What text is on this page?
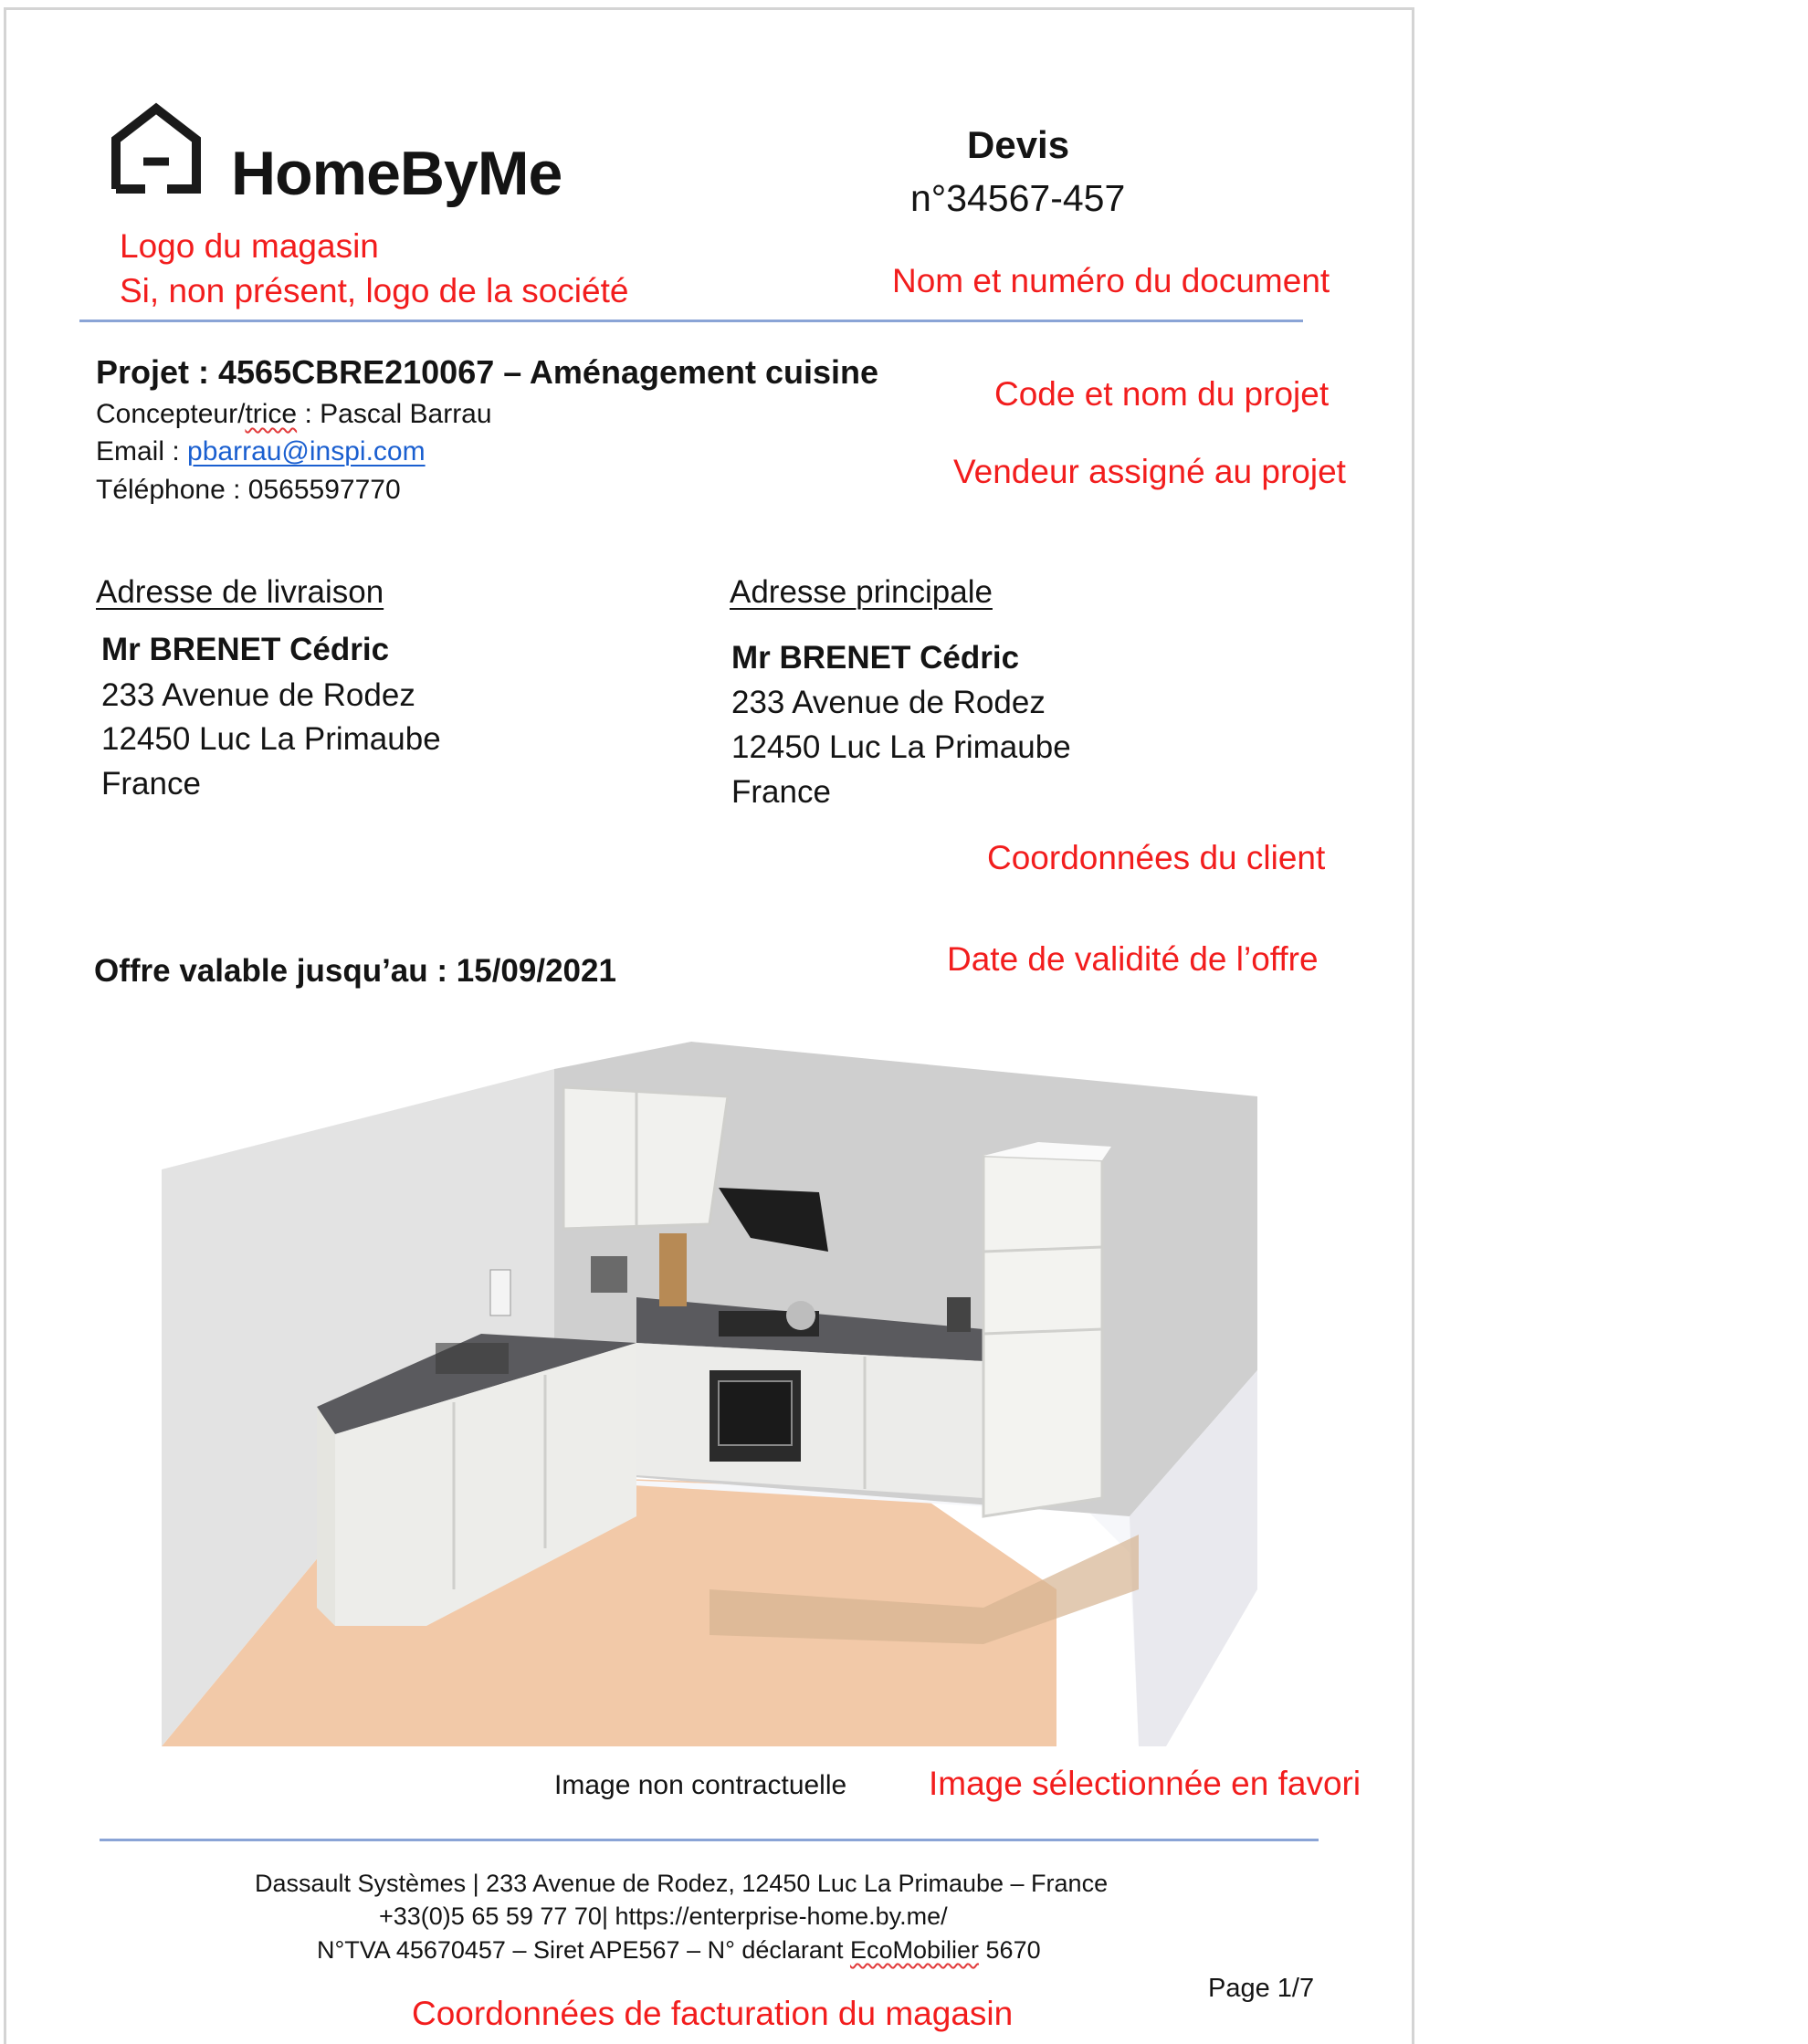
HomeByMe
Logo du magasin
Si, non présent, logo de la société
Devis
n°34567-457
Nom et numéro du document
Projet : 4565CBRE210067 – Aménagement cuisine
Concepteur/trice : Pascal Barrau
Email : pbarrau@inspi.com
Téléphone : 0565597770
Code et nom du projet
Vendeur assigné au projet
Adresse de livraison
Mr BRENET Cédric
233 Avenue de Rodez
12450 Luc La Primaube
France
Adresse principale
Mr BRENET Cédric
233 Avenue de Rodez
12450 Luc La Primaube
France
Coordonnées du client
Offre valable jusqu’au : 15/09/2021	Date de validité de l’offre
Image non contractuelle Image sélectionnée en favori
Dassault Systèmes | 233 Avenue de Rodez, 12450 Luc La Primaube – France
+33(0)5 65 59 77 70| https://enterprise-home.by.me/
N°TVA 45670457 – Siret APE567 – N° déclarant EcoMobilier 5670
Page 1/7
Coordonnées de facturation du magasin
